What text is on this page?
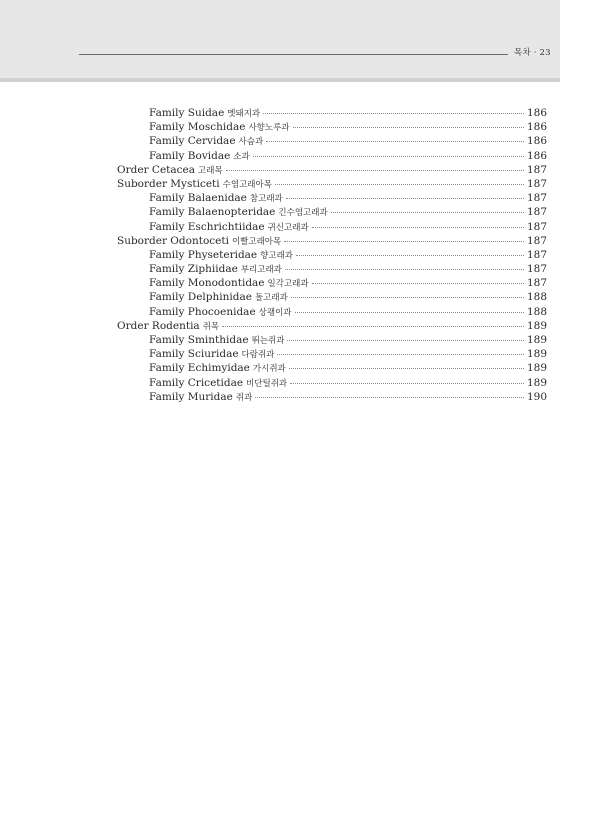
목차 · 23
Family Suidae 멧돼지과	186
Family Moschidae 사향노루과	186
Family Cervidae 사슴과	186
Family Bovidae 소과	186
Order Cetacea 고래목	187
Suborder Mysticeti 수염고래아목	187
Family Balaenidae 참고래과	187
Family Balaenopteridae 긴수염고래과	187
Family Eschrichtiidae 귀신고래과	187
Suborder Odontoceti 이빨고래아목	187
Family Physeteridae 향고래과	187
Family Ziphiidae 부리고래과	187
Family Monodontidae 일각고래과	187
Family Delphinidae 돌고래과	188
Family Phocoenidae 상괭이과	188
Order Rodentia 쥐목	189
Family Sminthidae 뛰는쥐과	189
Family Sciuridae 다람쥐과	189
Family Echimyidae 가시쥐과	189
Family Cricetidae 비단털쥐과	189
Family Muridae 쥐과	190
